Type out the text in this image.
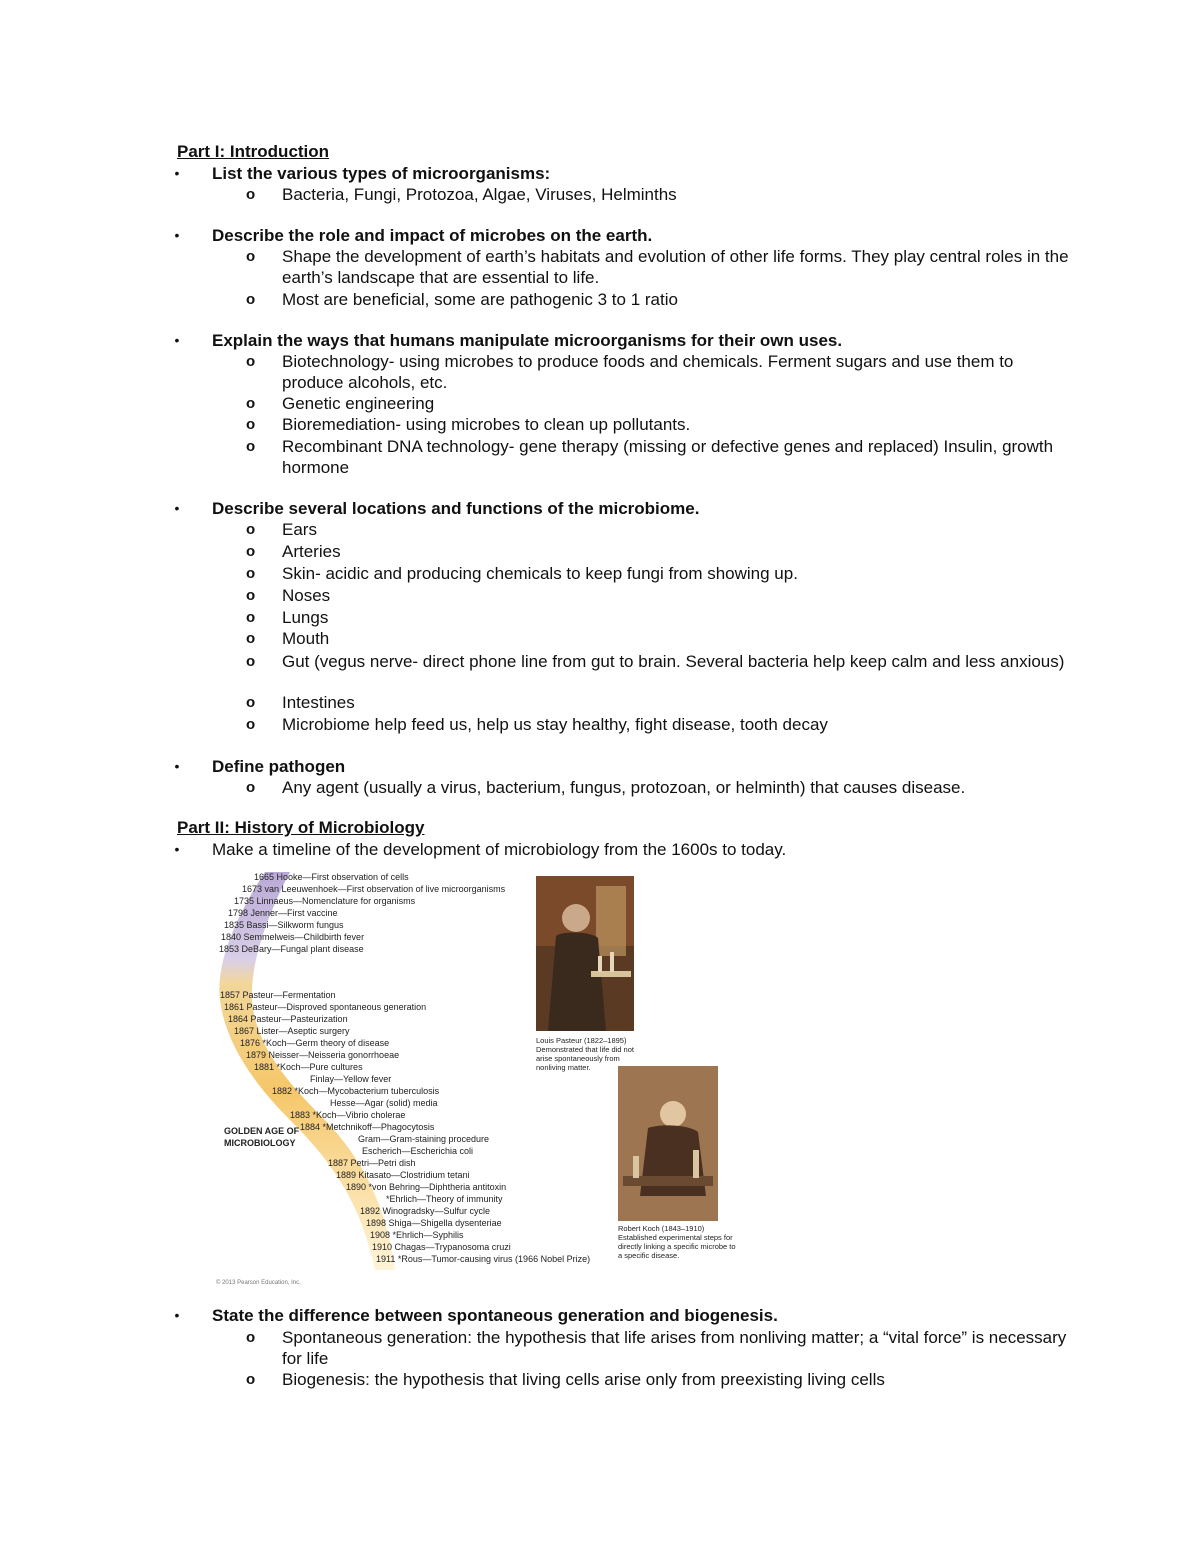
Part I: Introduction
• List the various types of microorganisms:
o Bacteria, Fungi, Protozoa, Algae, Viruses, Helminths
• Describe the role and impact of microbes on the earth.
o Shape the development of earth’s habitats and evolution of other life forms. They play central roles in the earth’s landscape that are essential to life.
o Most are beneficial, some are pathogenic 3 to 1 ratio
• Explain the ways that humans manipulate microorganisms for their own uses.
o Biotechnology- using microbes to produce foods and chemicals. Ferment sugars and use them to produce alcohols, etc.
o Genetic engineering
o Bioremediation- using microbes to clean up pollutants.
o Recombinant DNA technology- gene therapy (missing or defective genes and replaced) Insulin, growth hormone
• Describe several locations and functions of the microbiome.
o Ears
o Arteries
o Skin- acidic and producing chemicals to keep fungi from showing up.
o Noses
o Lungs
o Mouth
o Gut (vegus nerve- direct phone line from gut to brain. Several bacteria help keep calm and less anxious)
o Intestines
o Microbiome help feed us, help us stay healthy, fight disease, tooth decay
• Define pathogen
o Any agent (usually a virus, bacterium, fungus, protozoan, or helminth) that causes disease.
Part II: History of Microbiology
• Make a timeline of the development of microbiology from the 1600s to today.
1665 Hooke—First observation of cells
1673 van Leeuwenhoek—First observation of live microorganisms
1735 Linnaeus—Nomenclature for organisms
1798 Jenner—First vaccine
1835 Bassi—Silkworm fungus
1840 Semmelweis—Childbirth fever
1853 DeBary—Fungal plant disease
1857 Pasteur—Fermentation
1861 Pasteur—Disproved spontaneous generation
1864 Pasteur—Pasteurization
1867 Lister—Aseptic surgery
1876 *Koch—Germ theory of disease
1879 Neisser—Neisseria gonorrhoeae
1881 *Koch—Pure cultures
Finlay—Yellow fever
1882 *Koch—Mycobacterium tuberculosis
Hesse—Agar (solid) media
1883 *Koch—Vibrio cholerae
1884 *Metchnikoff—Phagocytosis
Gram—Gram-staining procedure
Escherich—Escherichia coli
1887 Petri—Petri dish
1889 Kitasato—Clostridium tetani
1890 *von Behring—Diphtheria antitoxin
*Ehrlich—Theory of immunity
1892 Winogradsky—Sulfur cycle
1898 Shiga—Shigella dysenteriae
1908 *Ehrlich—Syphilis
1910 Chagas—Trypanosoma cruzi
1911 *Rous—Tumor-causing virus (1966 Nobel Prize)
GOLDEN AGE OF MICROBIOLOGY
Louis Pasteur (1822–1895) Demonstrated that life did not arise spontaneously from nonliving matter.
Robert Koch (1843–1910) Established experimental steps for directly linking a specific microbe to a specific disease.
© 2013 Pearson Education, Inc.
• State the difference between spontaneous generation and biogenesis.
o Spontaneous generation: the hypothesis that life arises from nonliving matter; a “vital force” is necessary for life
o Biogenesis: the hypothesis that living cells arise only from preexisting living cells
